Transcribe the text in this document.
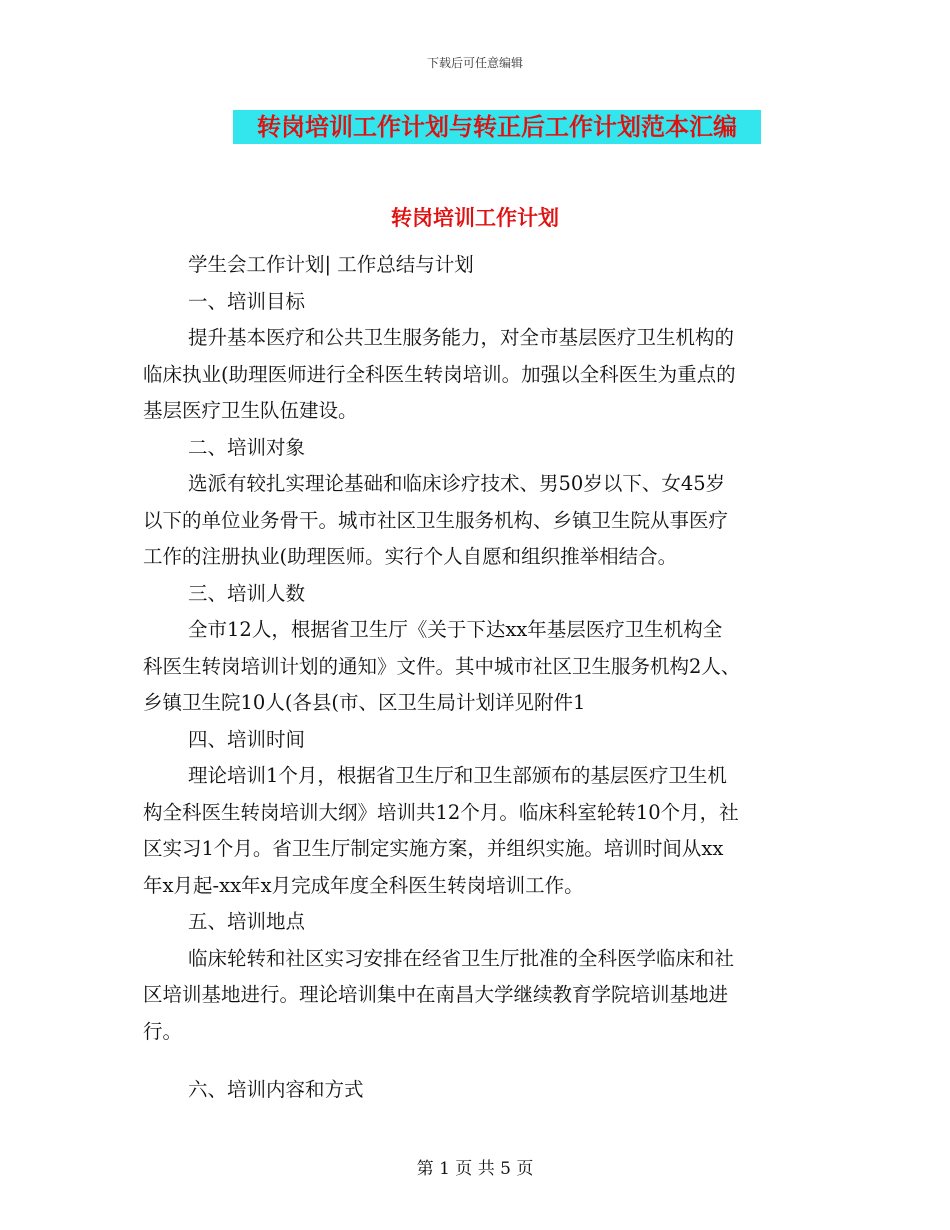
下载后可任意编辑
转岗培训工作计划与转正后工作计划范本汇编
转岗培训工作计划
学生会工作计划| 工作总结与计划
一、培训目标
提升基本医疗和公共卫生服务能力，对全市基层医疗卫生机构的
临床执业(助理医师进行全科医生转岗培训。加强以全科医生为重点的
基层医疗卫生队伍建设。
二、培训对象
选派有较扎实理论基础和临床诊疗技术、男50岁以下、女45岁
以下的单位业务骨干。城市社区卫生服务机构、乡镇卫生院从事医疗
工作的注册执业(助理医师。实行个人自愿和组织推举相结合。
三、培训人数
全市12人，根据省卫生厅《关于下达xx年基层医疗卫生机构全
科医生转岗培训计划的通知》文件。其中城市社区卫生服务机构2人、
乡镇卫生院10人(各县(市、区卫生局计划详见附件1
四、培训时间
理论培训1个月，根据省卫生厅和卫生部颁布的基层医疗卫生机
构全科医生转岗培训大纲》培训共12个月。临床科室轮转10个月，社
区实习1个月。省卫生厅制定实施方案，并组织实施。培训时间从xx
年x月起-xx年x月完成年度全科医生转岗培训工作。
五、培训地点
临床轮转和社区实习安排在经省卫生厅批准的全科医学临床和社
区培训基地进行。理论培训集中在南昌大学继续教育学院培训基地进
行。
六、培训内容和方式
第 1 页 共 5 页
